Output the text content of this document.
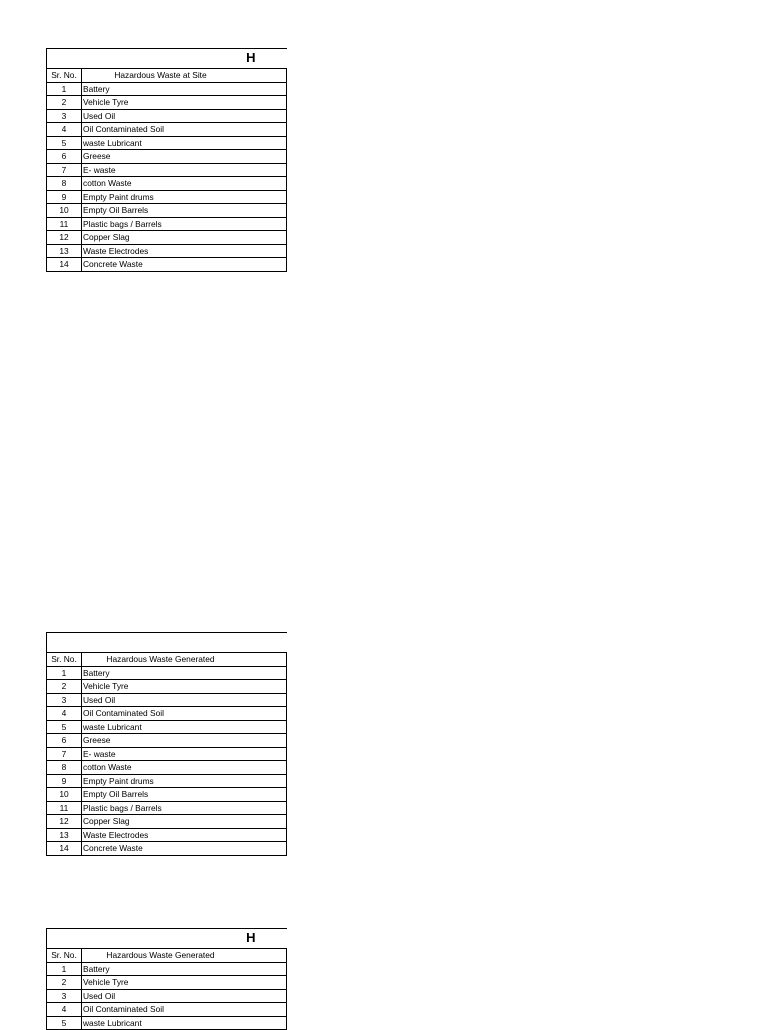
H	
Sr. No.	Hazardous Waste at Site
1	Battery
2	Vehicle Tyre
3	Used Oil
4	Oil Contaminated Soil
5	waste Lubricant
6	Greese
7	E- waste
8	cotton Waste
9	Empty Paint drums
10	Empty Oil Barrels
11	Plastic bags / Barrels
12	Copper Slag
13	Waste Electrodes
14	Concrete Waste

Sr. No.	Hazardous Waste Generated
1	Battery
2	Vehicle Tyre
3	Used Oil
4	Oil Contaminated Soil
5	waste Lubricant
6	Greese
7	E- waste
8	cotton Waste
9	Empty Paint drums
10	Empty Oil Barrels
11	Plastic bags / Barrels
12	Copper Slag
13	Waste Electrodes
14	Concrete Waste
H	
Sr. No.	Hazardous Waste Generated
1	Battery
2	Vehicle Tyre
3	Used Oil
4	Oil Contaminated Soil
5	waste Lubricant
